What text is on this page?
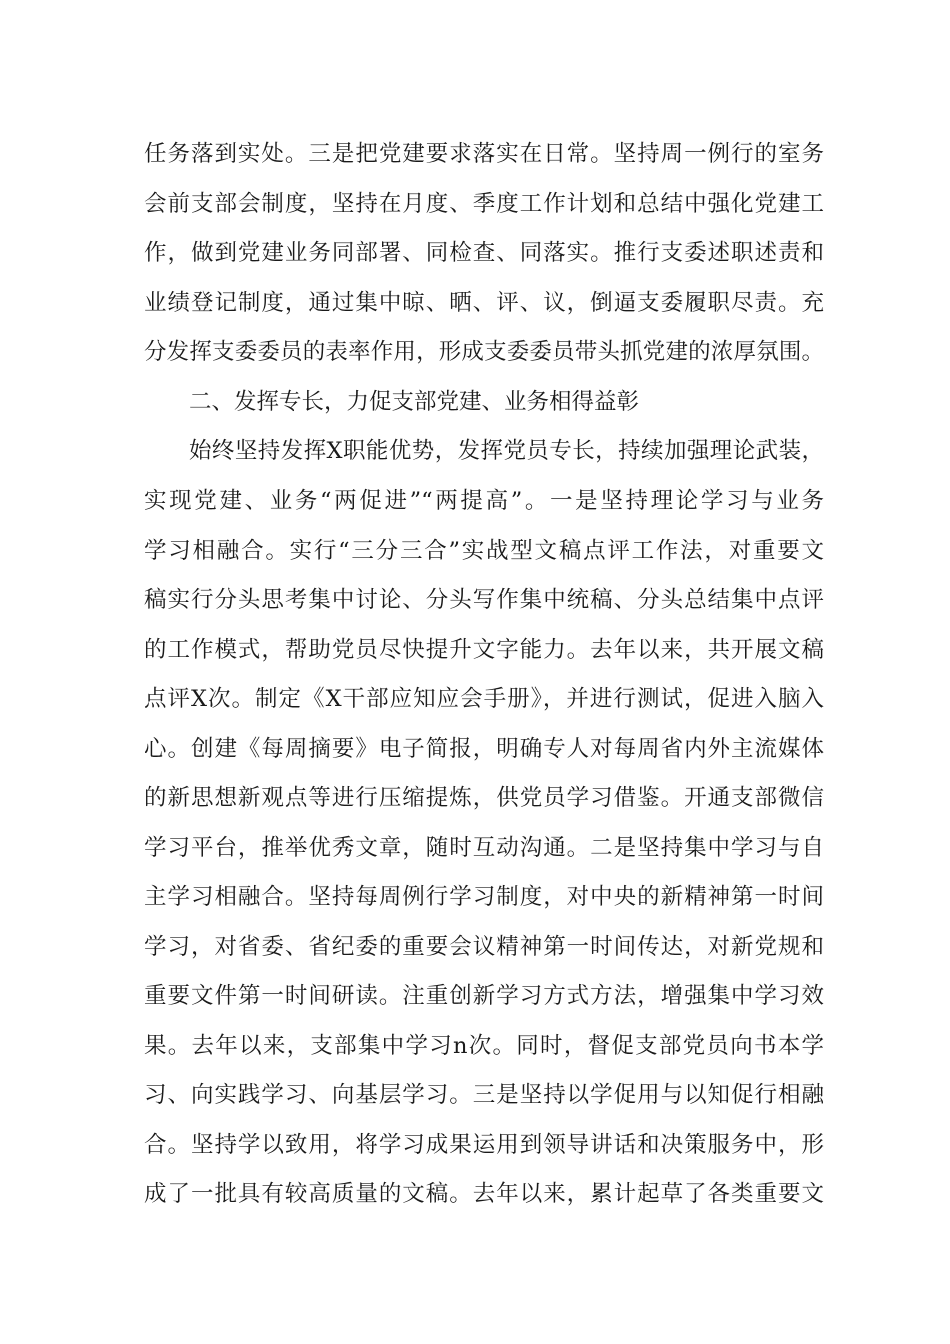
任务落到实处。三是把党建要求落实在日常。坚持周一例行的室务
会前支部会制度，坚持在月度、季度工作计划和总结中强化党建工
作，做到党建业务同部署、同检查、同落实。推行支委述职述责和
业绩登记制度，通过集中晾、晒、评、议，倒逼支委履职尽责。充
分发挥支委委员的表率作用，形成支委委员带头抓党建的浓厚氛围。
二、发挥专长，力促支部党建、业务相得益彰
始终坚持发挥X职能优势，发挥党员专长，持续加强理论武装，
实现党建、业务“两促进”“两提高”。一是坚持理论学习与业务
学习相融合。实行“三分三合”实战型文稿点评工作法，对重要文
稿实行分头思考集中讨论、分头写作集中统稿、分头总结集中点评
的工作模式，帮助党员尽快提升文字能力。去年以来，共开展文稿
点评X次。制定《X干部应知应会手册》，并进行测试，促进入脑入
心。创建《每周摘要》电子简报，明确专人对每周省内外主流媒体
的新思想新观点等进行压缩提炼，供党员学习借鉴。开通支部微信
学习平台，推举优秀文章，随时互动沟通。二是坚持集中学习与自
主学习相融合。坚持每周例行学习制度，对中央的新精神第一时间
学习，对省委、省纪委的重要会议精神第一时间传达，对新党规和
重要文件第一时间研读。注重创新学习方式方法，增强集中学习效
果。去年以来，支部集中学习n次。同时，督促支部党员向书本学
习、向实践学习、向基层学习。三是坚持以学促用与以知促行相融
合。坚持学以致用，将学习成果运用到领导讲话和决策服务中，形
成了一批具有较高质量的文稿。去年以来，累计起草了各类重要文
